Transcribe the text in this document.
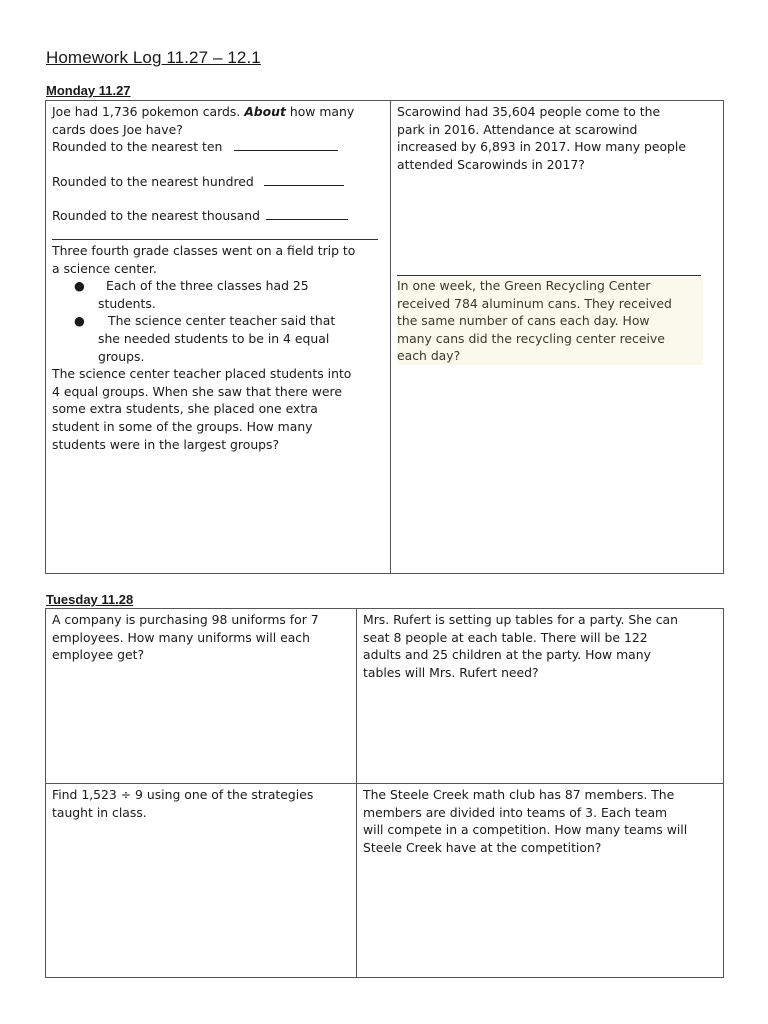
Homework Log 11.27 – 12.1
Monday 11.27

Joe had 1,736 pokemon cards. About how many

cards does Joe have?

Rounded to the nearest ten

Rounded to the nearest hundred

Rounded to the nearest thousand

Three fourth grade classes went on a field trip to

a science center.

● Each of the three classes had 25
students.
● The science center teacher said that
she needed students to be in 4 equal
groups.

The science center teacher placed students into

4 equal groups. When she saw that there were

some extra students, she placed one extra

student in some of the groups. How many

students were in the largest groups?

Scarowind had 35,604 people come to the

park in 2016. Attendance at scarowind

increased by 6,893 in 2017. How many people

attended Scarowinds in 2017?

In one week, the Green Recycling Center

received 784 aluminum cans. They received

the same number of cans each day. How

many cans did the recycling center receive

each day?

Tuesday 11.28

A company is purchasing 98 uniforms for 7

employees. How many uniforms will each

employee get?

Mrs. Rufert is setting up tables for a party. She can

seat 8 people at each table. There will be 122

adults and 25 children at the party. How many

tables will Mrs. Rufert need?

Find 1,523 ÷ 9 using one of the strategies

taught in class.

The Steele Creek math club has 87 members. The

members are divided into teams of 3. Each team

will compete in a competition. How many teams will

Steele Creek have at the competition?
